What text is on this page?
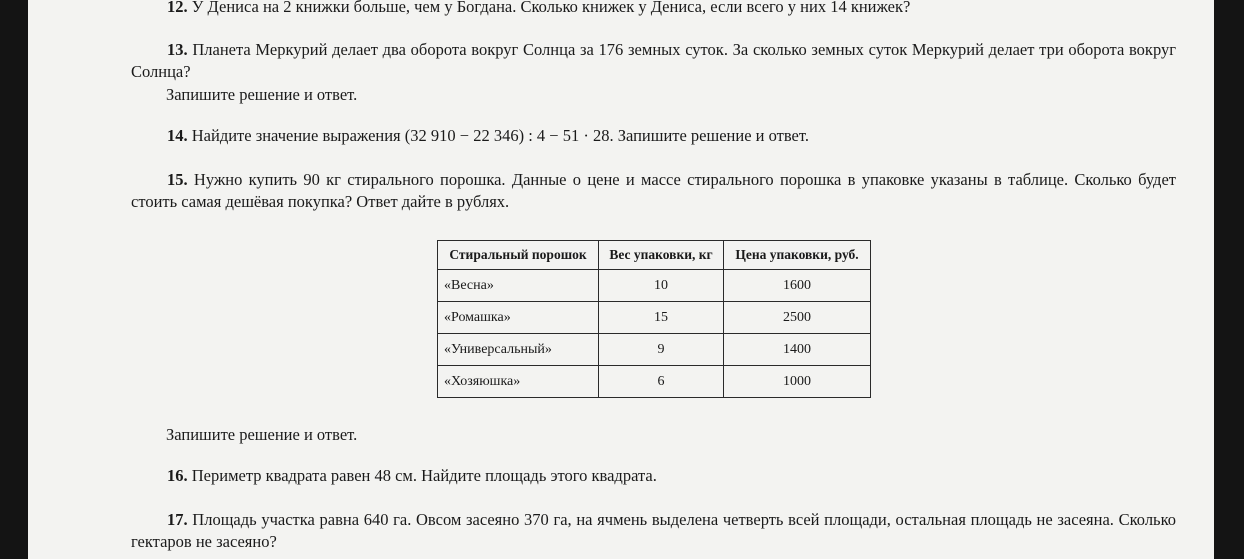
12. У Дениса на 2 книжки больше, чем у Богдана. Сколько книжек у Дениса, если всего у них 14 книжек?
13. Планета Меркурий делает два оборота вокруг Солнца за 176 земных суток. За сколько земных суток Меркурий делает три оборота вокруг Солнца?
Запишите решение и ответ.
14. Найдите значение выражения (32 910 − 22 346) : 4 − 51 · 28. Запишите решение и ответ.
15. Нужно купить 90 кг стирального порошка. Данные о цене и массе стирального порошка в упаковке указаны в таблице. Сколько будет стоить самая дешёвая покупка? Ответ дайте в рублях.
Стиральный порошок	Вес упаковки, кг	Цена упаковки, руб.
«Весна»	10	1600
«Ромашка»	15	2500
«Универсальный»	9	1400
«Хозяюшка»	6	1000
Запишите решение и ответ.
16. Периметр квадрата равен 48 см. Найдите площадь этого квадрата.
17. Площадь участка равна 640 га. Овсом засеяно 370 га, на ячмень выделена четверть всей площади, остальная площадь не засеяна. Сколько гектаров не засеяно?
